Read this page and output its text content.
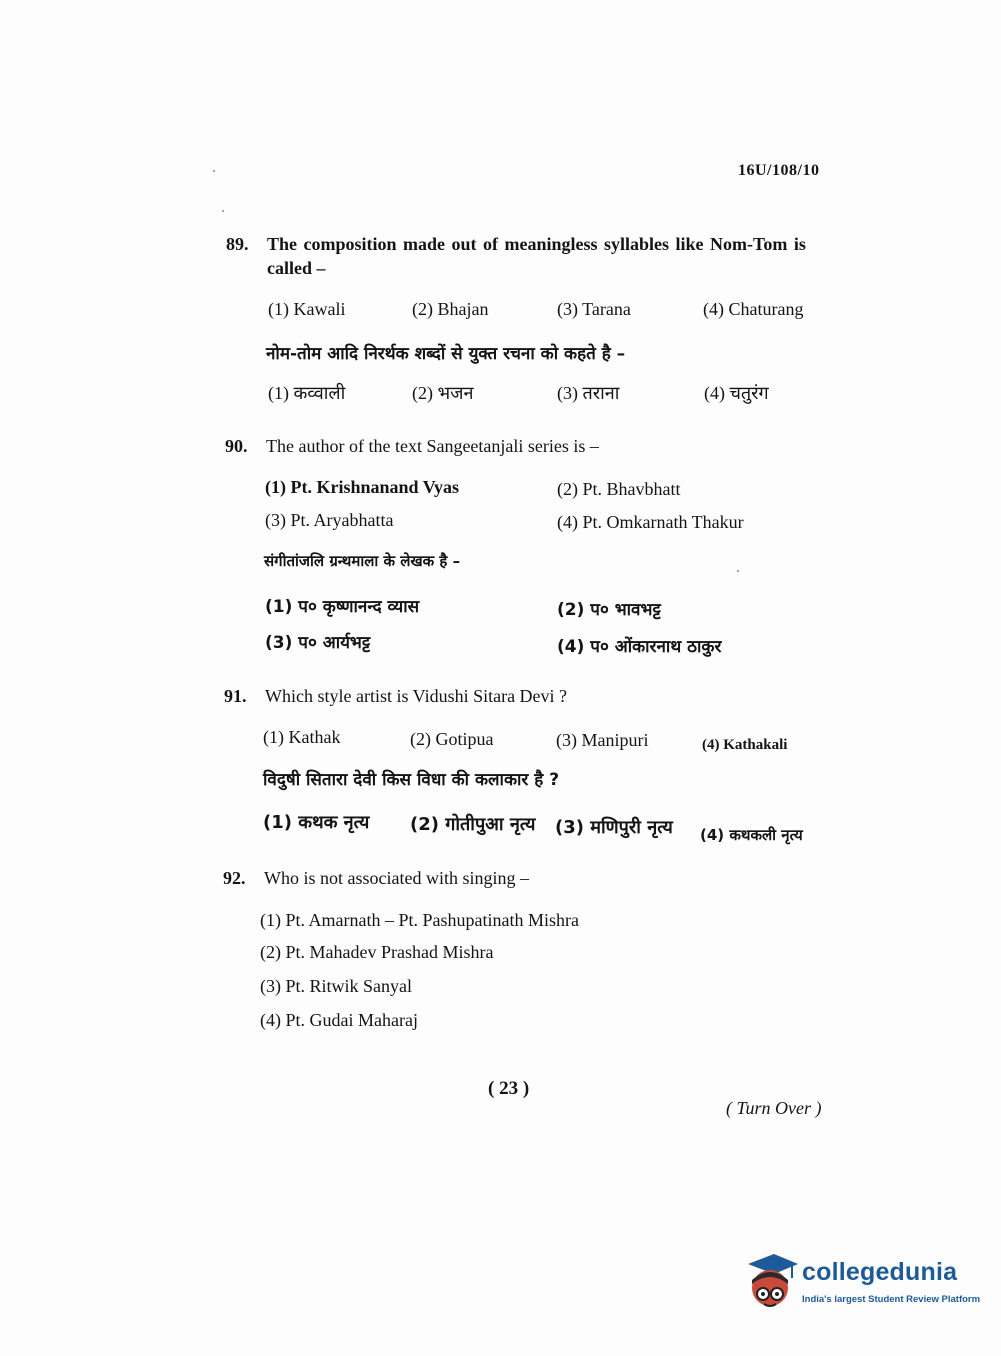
16U/108/10
89. The composition made out of meaningless syllables like Nom-Tom is
called –
(1) Kawali	(2) Bhajan	(3) Tarana	(4) Chaturang
नोम-तोम आदि निरर्थक शब्दों से युक्त रचना को कहते है –
(1) कव्वाली	(2) भजन	(3) तराना	(4) चतुरंग
90. The author of the text Sangeetanjali series is –
(1) Pt. Krishnanand Vyas	(2) Pt. Bhavbhatt
(3) Pt. Aryabhatta	(4) Pt. Omkarnath Thakur
संगीतांजलि ग्रन्थमाला के लेखक है –
(1) प० कृष्णानन्द व्यास	(2) प० भावभट्ट
(3) प० आर्यभट्ट	(4) प० ओंकारनाथ ठाकुर
91. Which style artist is Vidushi Sitara Devi ?
(1) Kathak	(2) Gotipua	(3) Manipuri	(4) Kathakali
विदुषी सितारा देवी किस विधा की कलाकार है ?
(1) कथक नृत्य (2) गोतीपुआ नृत्य (3) मणिपुरी नृत्य (4) कथकली नृत्य
92. Who is not associated with singing –
(1) Pt. Amarnath – Pt. Pashupatinath Mishra
(2) Pt. Mahadev Prashad Mishra
(3) Pt. Ritwik Sanyal
(4) Pt. Gudai Maharaj
( 23 )
( Turn Over )
collegedunia
India's largest Student Review Platform
